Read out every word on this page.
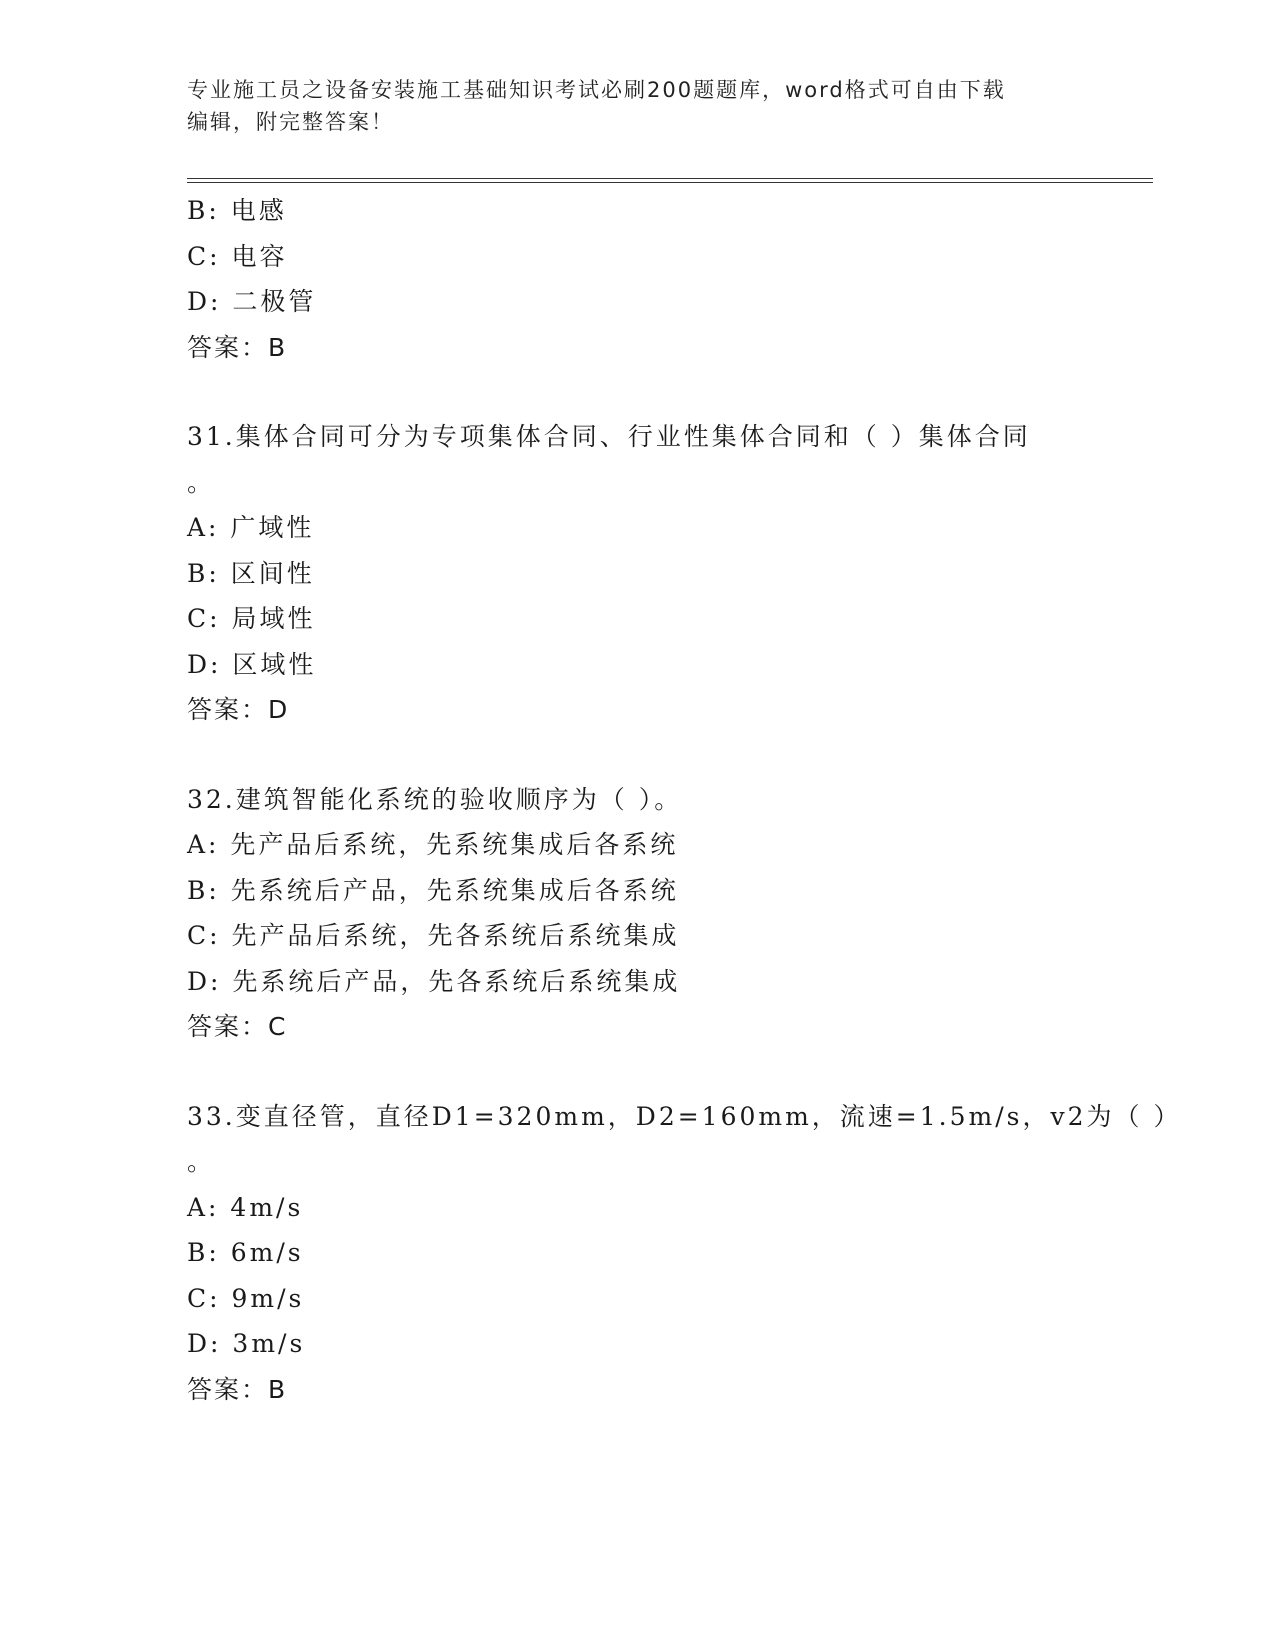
专业施工员之设备安装施工基础知识考试必刷200题题库，word格式可自由下载
编辑，附完整答案！
B: 电感
C: 电容
D: 二极管
答案：B
31.集体合同可分为专项集体合同、行业性集体合同和（ ）集体合同
。
A: 广域性
B: 区间性
C: 局域性
D: 区域性
答案：D
32.建筑智能化系统的验收顺序为（ ）。
A: 先产品后系统，先系统集成后各系统
B: 先系统后产品，先系统集成后各系统
C: 先产品后系统，先各系统后系统集成
D: 先系统后产品，先各系统后系统集成
答案：C
33.变直径管，直径D1=320mm，D2=160mm，流速=1.5m/s，v2为（ ）
。
A: 4m/s
B: 6m/s
C: 9m/s
D: 3m/s
答案：B
